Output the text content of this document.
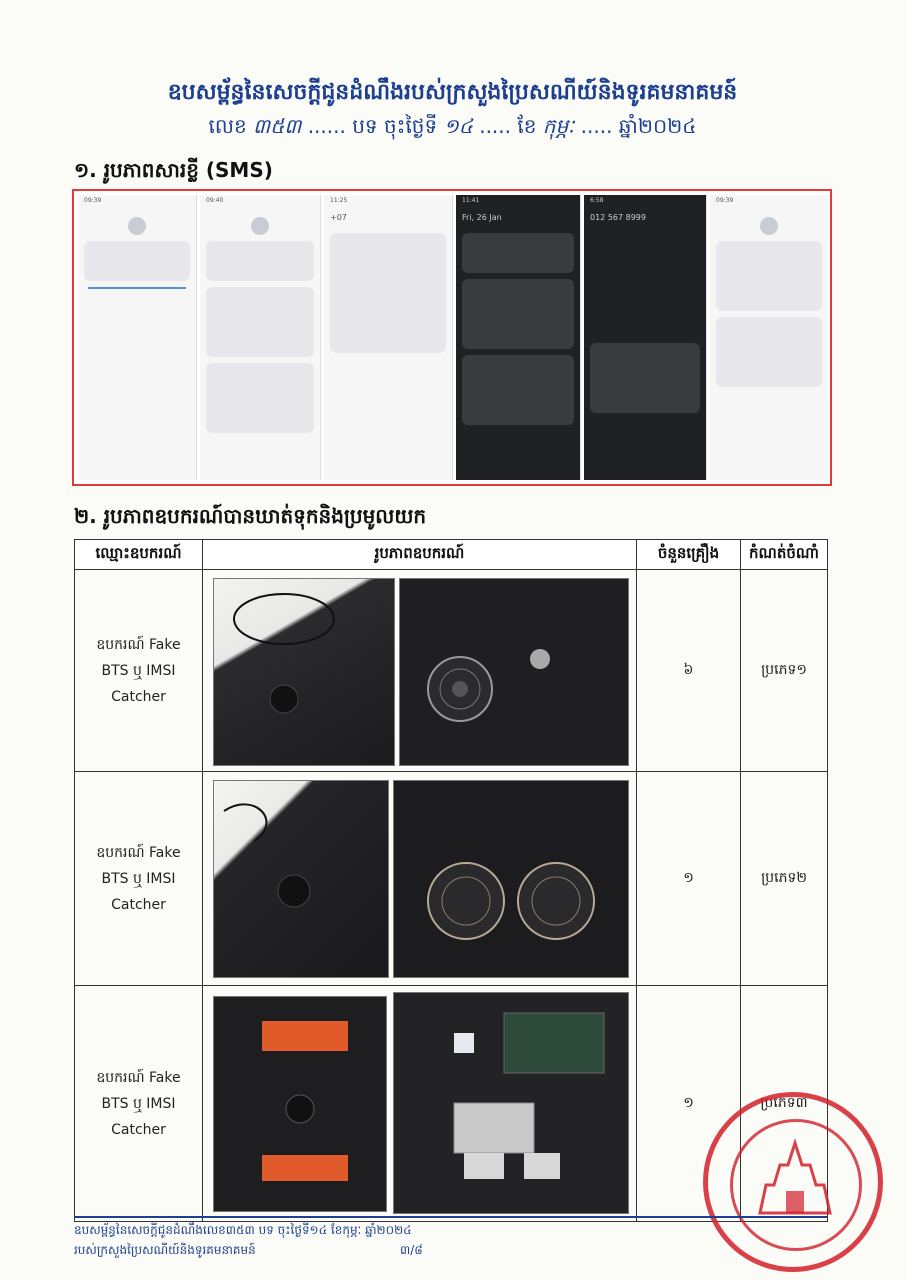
ឧបសម្ព័ន្ធនៃសេចក្តីជូនដំណឹងរបស់ក្រសួងប្រៃសណីយ៍និងទូរគមនាគមន៍
លេខ ៣៥៣ ...... បទ ចុះថ្ងៃទី ១៤ ..... ខែ កុម្ភៈ ..... ឆ្នាំ២០២៤
១. រូបភាពសារខ្លី (SMS)
09:39	09:40	11:25
+07
11:41
Fri, 26 Jan
6:58
012 567 8999
09:39
២. រូបភាពឧបករណ៍បានឃាត់ទុកនិងប្រមូលយក
ឈ្មោះឧបករណ៍	រូបភាពឧបករណ៍	ចំនួនគ្រឿង	កំណត់ចំណាំ
ឧបករណ៍ Fake BTS ឬ IMSI Catcher		៦	ប្រភេទ១
ឧបករណ៍ Fake BTS ឬ IMSI Catcher		១	ប្រភេទ២
ឧបករណ៍ Fake BTS ឬ IMSI Catcher		១	ប្រភេទ៣
ឧបសម្ព័ន្ធនៃសេចក្តីជូនដំណឹងលេខ៣៥៣ បទ ចុះថ្ងៃទី១៤ ខែកុម្ភៈ ឆ្នាំ២០២៤
របស់ក្រសួងប្រៃសណីយ៍និងទូរគមនាគមន៍	៣/៨
